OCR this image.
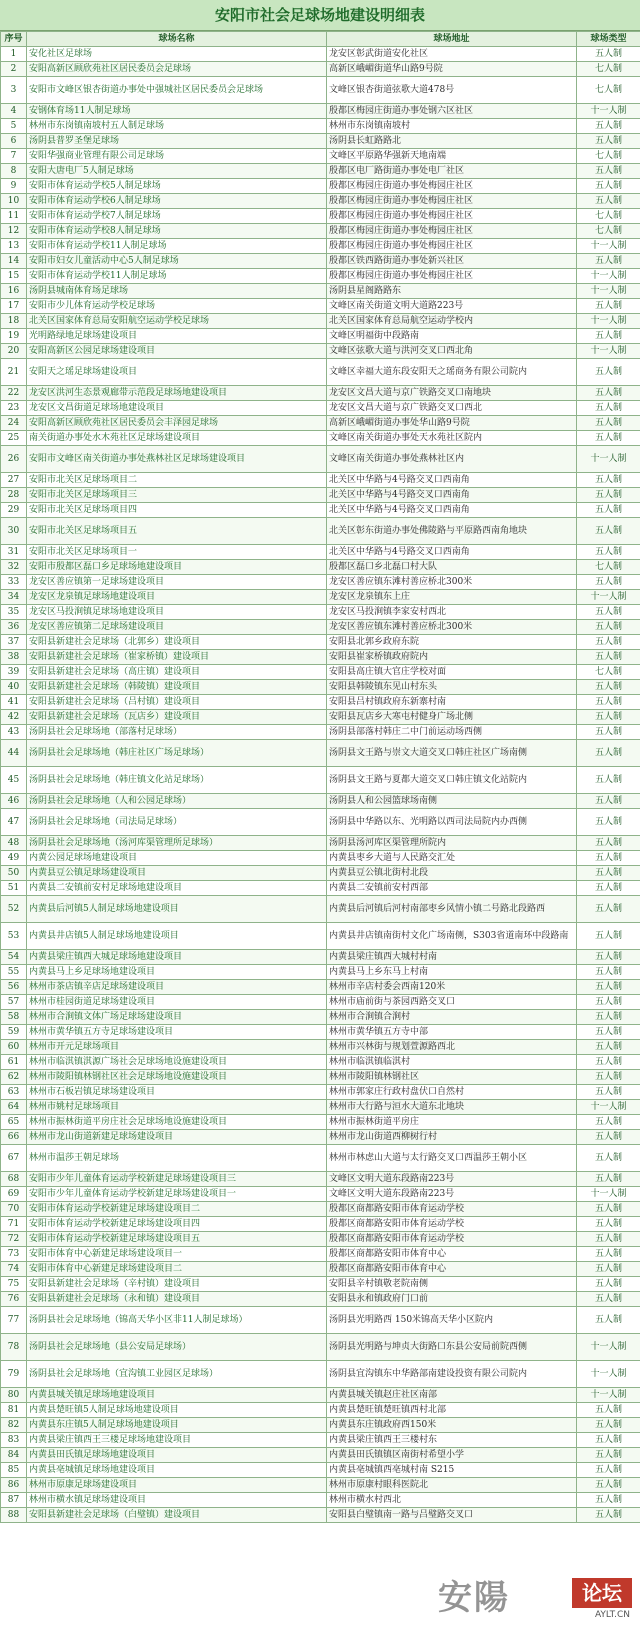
安阳市社会足球场地建设明细表
序号	球场名称	球场地址	球场类型
1	安化社区足球场	龙安区彰武街道安化社区	五人制
2	安阳高新区顾欣苑社区居民委员会足球场	高新区峨嵋街道华山路9号院	七人制
3	安阳市文峰区银杏街道办事处中强城社区居民委员会足球场	文峰区银杏街道弦歌大道478号	七人制
4	安钢体育场11人制足球场	殷都区梅园庄街道办事处钢六区社区	十一人制
5	林州市东岗镇南坡村五人制足球场	林州市东岗镇南坡村	五人制
6	汤阴县普罗圣堡足球场	汤阴县长虹路路北	五人制
7	安阳华强商业管理有限公司足球场	文峰区平原路华强新天地南端	七人制
8	安阳大唐电厂5人制足球场	殷都区电厂路街道办事处电厂社区	五人制
9	安阳市体育运动学校5人制足球场	殷都区梅园庄街道办事处梅园庄社区	五人制
10	安阳市体育运动学校6人制足球场	殷都区梅园庄街道办事处梅园庄社区	五人制
11	安阳市体育运动学校7人制足球场	殷都区梅园庄街道办事处梅园庄社区	七人制
12	安阳市体育运动学校8人制足球场	殷都区梅园庄街道办事处梅园庄社区	七人制
13	安阳市体育运动学校11人制足球场	殷都区梅园庄街道办事处梅园庄社区	十一人制
14	安阳市妇女儿童活动中心5人制足球场	殷都区铁西路街道办事处新兴社区	五人制
15	安阳市体育运动学校11人制足球场	殷都区梅园庄街道办事处梅园庄社区	十一人制
16	汤阴县城南体育场足球场	汤阴县星阁路路东	十一人制
17	安阳市少儿体育运动学校足球场	文峰区南关街道文明大道路223号	五人制
18	北关区国家体育总局安阳航空运动学校足球场	北关区国家体育总局航空运动学校内	十一人制
19	光明路绿地足球场建设项目	文峰区明福街中段路南	五人制
20	安阳高新区公园足球场建设项目	文峰区弦歌大道与洪河交叉口西北角	十一人制
21	安阳天之瑶足球场建设项目	文峰区幸福大道东段安阳天之瑶商务有限公司院内	五人制
22	龙安区洪河生态景观廊带示范段足球场地建设项目	龙安区文昌大道与京广铁路交叉口南地块	五人制
23	龙安区文昌街道足球场地建设项目	龙安区文昌大道与京广铁路交叉口西北	五人制
24	安阳高新区顾欣苑社区居民委员会丰泽园足球场	高新区峨嵋街道办事处华山路9号院	五人制
25	南关街道办事处水木苑社区足球场建设项目	文峰区南关街道办事处天水苑社区院内	五人制
26	安阳市文峰区南关街道办事处燕林社区足球场建设项目	文峰区南关街道办事处燕林社区内	十一人制
27	安阳市北关区足球场项目二	北关区中华路与4号路交叉口西南角	五人制
28	安阳市北关区足球场项目三	北关区中华路与4号路交叉口西南角	五人制
29	安阳市北关区足球场项目四	北关区中华路与4号路交叉口西南角	五人制
30	安阳市北关区足球场项目五	北关区彰东街道办事处佛陵路与平原路西南角地块	五人制
31	安阳市北关区足球场项目一	北关区中华路与4号路交叉口西南角	五人制
32	安阳市殷都区磊口乡足球场地建设项目	殷都区磊口乡北磊口村大队	七人制
33	龙安区善应镇第一足球场建设项目	龙安区善应镇东滩村善应桥北300米	五人制
34	龙安区龙泉镇足球场地建设项目	龙安区龙泉镇东上庄	十一人制
35	龙安区马投涧镇足球场地建设项目	龙安区马投涧镇李家安村西北	五人制
36	龙安区善应镇第二足球场建设项目	龙安区善应镇东滩村善应桥北300米	五人制
37	安阳县新建社会足球场（北郭乡）建设项目	安阳县北郭乡政府东院	五人制
38	安阳县新建社会足球场（崔家桥镇）建设项目	安阳县崔家桥镇政府院内	五人制
39	安阳县新建社会足球场（高庄镇）建设项目	安阳县高庄镇大官庄学校对面	七人制
40	安阳县新建社会足球场（韩陵镇）建设项目	安阳县韩陵镇东见山村东头	五人制
41	安阳县新建社会足球场（吕村镇）建设项目	安阳县吕村镇政府东新寨村南	五人制
42	安阳县新建社会足球场（瓦店乡）建设项目	安阳县瓦店乡大寒屯村健身广场北侧	五人制
43	汤阴县社会足球场地（部落村足球场）	汤阴县部落村韩庄二中门前运动场西侧	五人制
44	汤阴县社会足球场地（韩庄社区广场足球场）	汤阴县文王路与崇文大道交叉口韩庄社区广场南侧	五人制
45	汤阴县社会足球场地（韩庄镇文化站足球场）	汤阴县文王路与夏都大道交叉口韩庄镇文化站院内	五人制
46	汤阴县社会足球场地（人和公园足球场）	汤阴县人和公园篮球场南侧	五人制
47	汤阴县社会足球场地（司法局足球场）	汤阴县中华路以东、光明路以西司法局院内办西侧	五人制
48	汤阴县社会足球场地（汤河库渠管理所足球场）	汤阴县汤河库区渠管理所院内	五人制
49	内黄公园足球场地建设项目	内黄县枣乡大道与人民路交汇处	五人制
50	内黄县豆公镇足球场建设项目	内黄县豆公镇北街村北段	五人制
51	内黄县二安镇前安村足球场地建设项目	内黄县二安镇前安村西部	五人制
52	内黄县后河镇5人制足球场地建设项目	内黄县后河镇后河村南部枣乡风情小镇二号路北段路西	五人制
53	内黄县井店镇5人制足球场地建设项目	内黄县井店镇南街村文化广场南侧，S303省道南环中段路南	五人制
54	内黄县梁庄镇西大城足球场地建设项目	内黄县梁庄镇西大城村村南	五人制
55	内黄县马上乡足球场地建设项目	内黄县马上乡东马上村南	五人制
56	林州市茶店镇辛店足球场建设项目	林州市辛店村委会西南120米	五人制
57	林州市桂园街道足球场建设项目	林州市庙前街与茶园西路交叉口	五人制
58	林州市合涧镇文体广场足球场建设项目	林州市合涧镇合涧村	五人制
59	林州市黄华镇五方寺足球场建设项目	林州市黄华镇五方寺中部	五人制
60	林州市开元足球场项目	林州市兴林街与规划萱源路西北	五人制
61	林州市临淇镇淇源广场社会足球场地设施建设项目	林州市临淇镇临淇村	五人制
62	林州市陵阳镇林钢社区社会足球场地设施建设项目	林州市陵阳镇林钢社区	五人制
63	林州市石板岩镇足球场建设项目	林州市郭家庄行政村盘伏口自然村	五人制
64	林州市姚村足球场项目	林州市大行路与洹水大道东北地块	十一人制
65	林州市振林街道平房庄社会足球场地设施建设项目	林州市振林街道平房庄	五人制
66	林州市龙山街道新建足球场建设项目	林州市龙山街道西柳树行村	五人制
67	林州市温莎王朝足球场	林州市林虑山大道与太行路交叉口西温莎王朝小区	五人制
68	安阳市少年儿童体育运动学校新建足球场建设项目三	文峰区文明大道东段路南223号	五人制
69	安阳市少年儿童体育运动学校新建足球场建设项目一	文峰区文明大道东段路南223号	十一人制
70	安阳市体育运动学校新建足球场建设项目二	殷都区商都路安阳市体育运动学校	五人制
71	安阳市体育运动学校新建足球场建设项目四	殷都区商都路安阳市体育运动学校	五人制
72	安阳市体育运动学校新建足球场建设项目五	殷都区商都路安阳市体育运动学校	五人制
73	安阳市体育中心新建足球场建设项目一	殷都区商都路安阳市体育中心	五人制
74	安阳市体育中心新建足球场建设项目二	殷都区商都路安阳市体育中心	五人制
75	安阳县新建社会足球场（辛村镇）建设项目	安阳县辛村镇敬老院南侧	五人制
76	安阳县新建社会足球场（永和镇）建设项目	安阳县永和镇政府门口前	五人制
77	汤阴县社会足球场地（锦高天华小区非11人制足球场）	汤阴县光明路西 150米锦高天华小区院内	五人制
78	汤阴县社会足球场地（县公安局足球场）	汤阴县光明路与坤贞大街路口东县公安局前院西侧	十一人制
79	汤阴县社会足球场地（宜沟镇工业园区足球场）	汤阴县宜沟镇东中华路部南建设投资有限公司院内	十一人制
80	内黄县城关镇足球场地建设项目	内黄县城关镇赵庄社区南部	十一人制
81	内黄县楚旺镇5人制足球场地建设项目	内黄县楚旺镇楚旺镇西村北部	五人制
82	内黄县东庄镇5人制足球场地建设项目	内黄县东庄镇政府西150米	五人制
83	内黄县梁庄镇西王三楼足球场地建设项目	内黄县梁庄镇西王三楼村东	五人制
84	内黄县田氏镇足球场地建设项目	内黄县田氏镇镇区南街村希望小学	五人制
85	内黄县亳城镇足球场地建设项目	内黄县亳城镇西亳城村南 S215	五人制
86	林州市原康足球场建设项目	林州市原康村眼科医院北	五人制
87	林州市横水镇足球场建设项目	林州市横水村西北	五人制
88	安阳县新建社会足球场（白璧镇）建设项目	安阳县白璧镇南一路与吕璧路交叉口	五人制
安陽	论坛
AYLT.CN
